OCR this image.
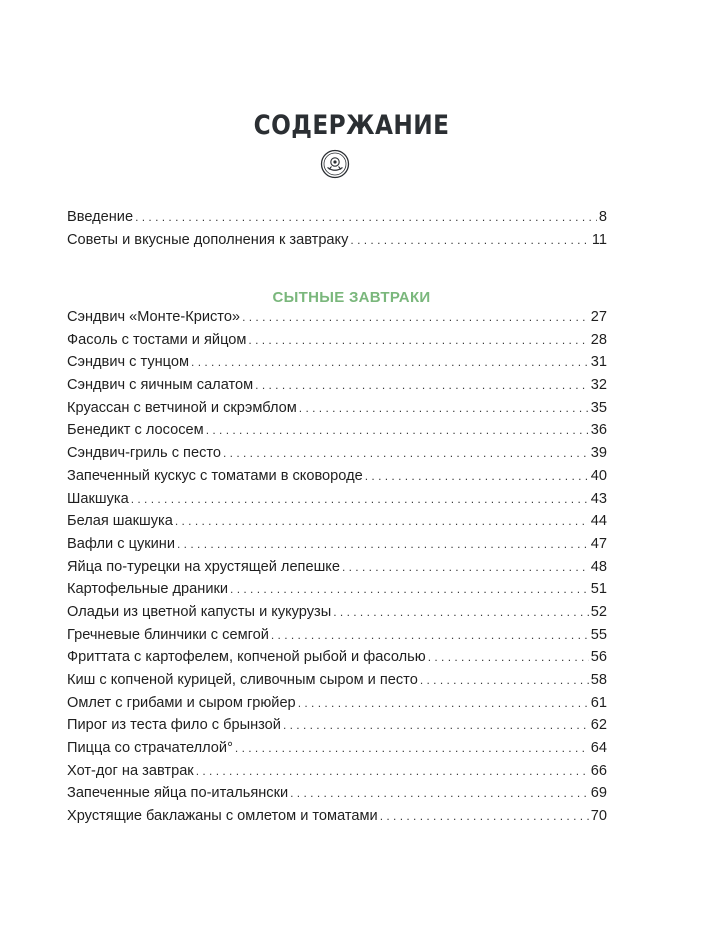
СОДЕРЖАНИЕ
Введение . . .	8
Советы и вкусные дополнения к завтраку . . .	11
СЫТНЫЕ ЗАВТРАКИ
Сэндвич «Монте-Кристо» . . .	27
Фасоль с тостами и яйцом . . .	28
Сэндвич с тунцом . . .	31
Сэндвич с яичным салатом . . .	32
Круассан с ветчиной и скрэмблом . . .	35
Бенедикт с лососем . . .	36
Сэндвич-гриль с песто . . .	39
Запеченный кускус с томатами в сковороде . . .	40
Шакшука . . .	43
Белая шакшука . . .	44
Вафли с цукини . . .	47
Яйца по-турецки на хрустящей лепешке . . .	48
Картофельные драники . . .	51
Оладьи из цветной капусты и кукурузы . . .	52
Гречневые блинчики с семгой . . .	55
Фриттата с картофелем, копченой рыбой и фасолью . . .	56
Киш с копченой курицей, сливочным сыром и песто . . .	58
Омлет с грибами и сыром грюйер . . .	61
Пирог из теста фило с брынзой . . .	62
Пицца со страчателлой° . . .	64
Хот-дог на завтрак . . .	66
Запеченные яйца по-итальянски . . .	69
Хрустящие баклажаны с омлетом и томатами . . .	70
